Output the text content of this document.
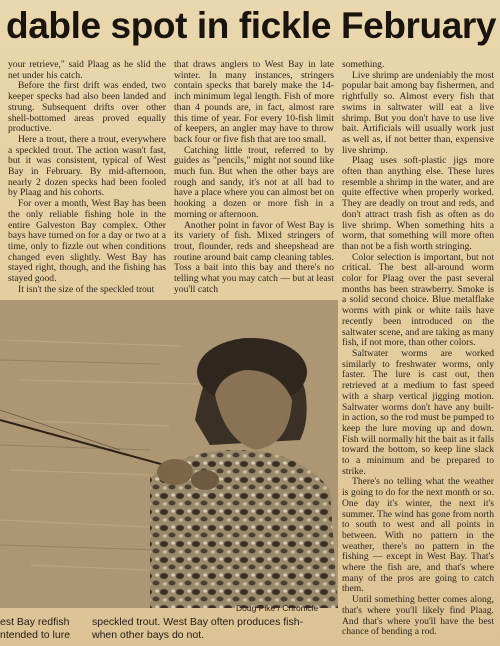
dable spot in fickle February

your retrieve," said Plaag as he slid the net under his catch.

Before the first drift was ended, two keeper specks had also been landed and strung. Subsequent drifts over other shell-bottomed areas proved equally productive.

Here a trout, there a trout, everywhere a speckled trout. The action wasn't fast, but it was consistent, typical of West Bay in February. By mid-afternoon, nearly 2 dozen specks had been fooled by Plaag and his cohorts.

For over a month, West Bay has been the only reliable fishing hole in the entire Galveston Bay complex. Other bays have turned on for a day or two at a time, only to fizzle out when conditions changed even slightly. West Bay has stayed right, though, and the fishing has stayed good.

It isn't the size of the speckled trout

that draws anglers to West Bay in late winter. In many instances, stringers contain specks that barely make the 14-inch minimum legal length. Fish of more than 4 pounds are, in fact, almost rare this time of year. For every 10-fish limit of keepers, an angler may have to throw back four or five fish that are too small.

Catching little trout, referred to by guides as "pencils," might not sound like much fun. But when the other bays are rough and sandy, it's not at all bad to have a place where you can almost bet on hooking a dozen or more fish in a morning or afternoon.

Another point in favor of West Bay is its variety of fish. Mixed stringers of trout, flounder, reds and sheepshead are routine around bait camp cleaning tables. Toss a bait into this bay and there's no telling what you may catch — but at least you'll catch

something.

Live shrimp are undeniably the most popular bait among bay fishermen, and rightfully so. Almost every fish that swims in saltwater will eat a live shrimp. But you don't have to use live bait. Artificials will usually work just as well as, if not better than, expensive live shrimp.

Plaag uses soft-plastic jigs more often than anything else. These lures resemble a shrimp in the water, and are quite effective when properly worked. They are deadly on trout and reds, and don't attract trash fish as often as do live shrimp. When something hits a worm, that something will more often than not be a fish worth stringing.

Color selection is important, but not critical. The best all-around worm color for Plaag over the past several months has been strawberry. Smoke is a solid second choice. Blue metalflake worms with pink or white tails have recently been introduced on the saltwater scene, and are taking as many fish, if not more, than other colors.

Saltwater worms are worked similarly to freshwater worms, only faster. The lure is cast out, then retrieved at a medium to fast speed with a sharp vertical jigging motion. Saltwater worms don't have any built-in action, so the rod must be pumped to keep the lure moving up and down. Fish will normally hit the bait as it falls toward the bottom, so keep line slack to a minimum and be prepared to strike.

There's no telling what the weather is going to do for the next month or so. One day it's winter, the next it's summer. The wind has gone from north to south to west and all points in between. With no pattern in the weather, there's no pattern in the fishing — except in West Bay. That's where the fish are, and that's where many of the pros are going to catch them.

Until something better comes along, that's where you'll likely find Plaag. And that's where you'll have the best chance of bending a rod.

Doug Pike / Chronicle
est Bay redfish
ntended to lure
speckled trout. West Bay often produces fish-
when other bays do not.
